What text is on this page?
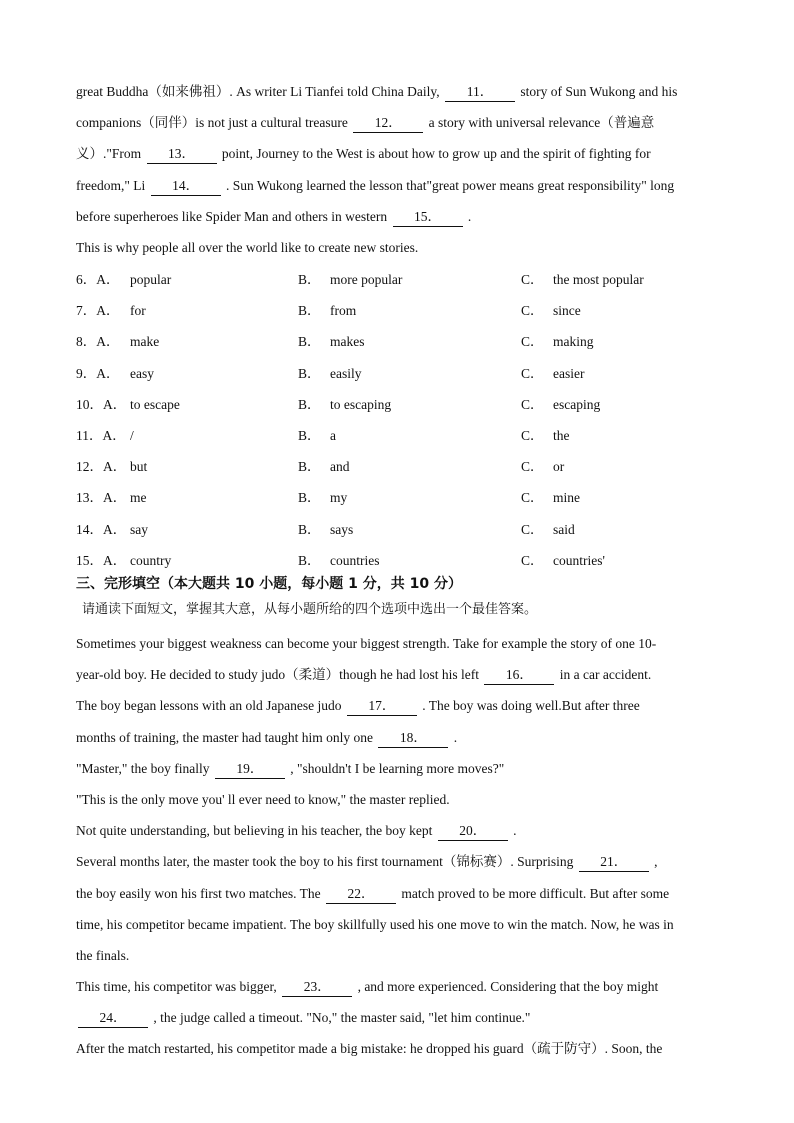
great Buddha（如来佛祖）. As writer Li Tianfei told China Daily, 11． story of Sun Wukong and his
companions（同伴）is not just a cultural treasure 12． a story with universal relevance（普遍意
义）."From 13． point, Journey to the West is about how to grow up and the spirit of fighting for
freedom," Li 14． . Sun Wukong learned the lesson that"great power means great responsibility" long
before superheroes like Spider Man and others in western 15． .
This is why people all over the world like to create new stories.
6．A． popular	B． more popular	C． the most popular
7．A． for	B． from	C． since
8．A． make	B． makes	C． making
9．A． easy	B． easily	C． easier
10．A． to escape	B． to escaping	C． escaping
11．A． /	B． a	C． the
12．A． but	B． and	C． or
13．A． me	B． my	C． mine
14．A． say	B． says	C． said
15．A． country	B． countries	C． countries'
三、完形填空（本大题共 10 小题，每小题 1 分，共 10 分）
请通读下面短文，掌握其大意，从每小题所给的四个选项中选出一个最佳答案。
Sometimes your biggest weakness can become your biggest strength. Take for example the story of one 10-
year-old boy. He decided to study judo（柔道）though he had lost his left 16． in a car accident.
The boy began lessons with an old Japanese judo 17． . The boy was doing well.But after three
months of training, the master had taught him only one 18． .
"Master," the boy finally 19． , "shouldn't I be learning more moves?"
"This is the only move you' ll ever need to know," the master replied.
Not quite understanding, but believing in his teacher, the boy kept 20． .
Several months later, the master took the boy to his first tournament（锦标赛）. Surprising 21． ,
the boy easily won his first two matches. The 22． match proved to be more difficult. But after some
time, his competitor became impatient. The boy skillfully used his one move to win the match. Now, he was in
the finals.
This time, his competitor was bigger, 23． , and more experienced. Considering that the boy might
24． , the judge called a timeout. "No," the master said, "let him continue."
After the match restarted, his competitor made a big mistake: he dropped his guard（疏于防守）. Soon, the
